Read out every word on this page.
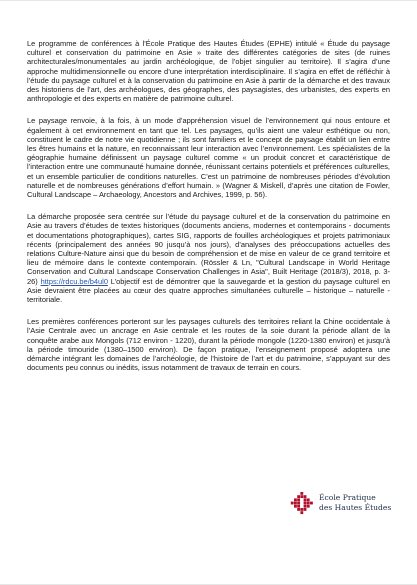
Le programme de conférences à l’École Pratique des Hautes Études (EPHE) intitulé « Étude du paysage culturel et conservation du patrimoine en Asie » traite des différentes catégories de sites (de ruines architecturales/monumentales au jardin archéologique, de l’objet singulier au territoire). Il s’agira d’une approche multidimensionnelle ou encore d’une interprétation interdisciplinaire. Il s’agira en effet de réfléchir à l’étude du paysage culturel et à la conservation du patrimoine en Asie à partir de la démarche et des travaux des historiens de l’art, des archéologues, des géographes, des paysagistes, des urbanistes, des experts en anthropologie et des experts en matière de patrimoine culturel.

Le paysage renvoie, à la fois, à un mode d’appréhension visuel de l’environnement qui nous entoure et également à cet environnement en tant que tel. Les paysages, qu’ils aient une valeur esthétique ou non, constituent le cadre de notre vie quotidienne ; ils sont familiers et le concept de paysage établit un lien entre les êtres humains et la nature, en reconnaissant leur interaction avec l’environnement. Les spécialistes de la géographie humaine définissent un paysage culturel comme « un produit concret et caractéristique de l’interaction entre une communauté humaine donnée, réunissant certains potentiels et préférences culturelles, et un ensemble particulier de conditions naturelles. C’est un patrimoine de nombreuses périodes d’évolution naturelle et de nombreuses générations d’effort humain. » (Wagner & Miskell, d’après une citation de Fowler, Cultural Landscape – Archaeology, Ancestors and Archives, 1999, p. 56).

La démarche proposée sera centrée sur l’étude du paysage culturel et de la conservation du patrimoine en Asie au travers d’études de textes historiques (documents anciens, modernes et contemporains - documents et documentations photographiques), cartes SIG, rapports de fouilles archéologiques et projets patrimoniaux récents (principalement des années 90 jusqu’à nos jours), d’analyses des préoccupations actuelles des relations Culture-Nature ainsi que du besoin de compréhension et de mise en valeur de ce grand territoire et lieu de mémoire dans le contexte contemporain. (Rössler & Ln, "Cultural Landscape in World Heritage Conservation and Cultural Landscape Conservation Challenges in Asia", Built Heritage (2018/3), 2018, p. 3-26) https://rdcu.be/b4ul0 L’objectif est de démontrer que la sauvegarde et la gestion du paysage culturel en Asie devraient être placées au cœur des quatre approches simultanées culturelle – historique – naturelle - territoriale.

Les premières conférences porteront sur les paysages culturels des territoires reliant la Chine occidentale à l’Asie Centrale avec un ancrage en Asie centrale et les routes de la soie durant la période allant de la conquête arabe aux Mongols (712 environ - 1220), durant la période mongole (1220-1380 environ) et jusqu’à la période timouride (1380–1500 environ). De façon pratique, l’enseignement proposé adoptera une démarche intégrant les domaines de l’archéologie, de l’histoire de l’art et du patrimoine, s’appuyant sur des documents peu connus ou inédits, issus notamment de travaux de terrain en cours.

École Pratique
des Hautes Études
